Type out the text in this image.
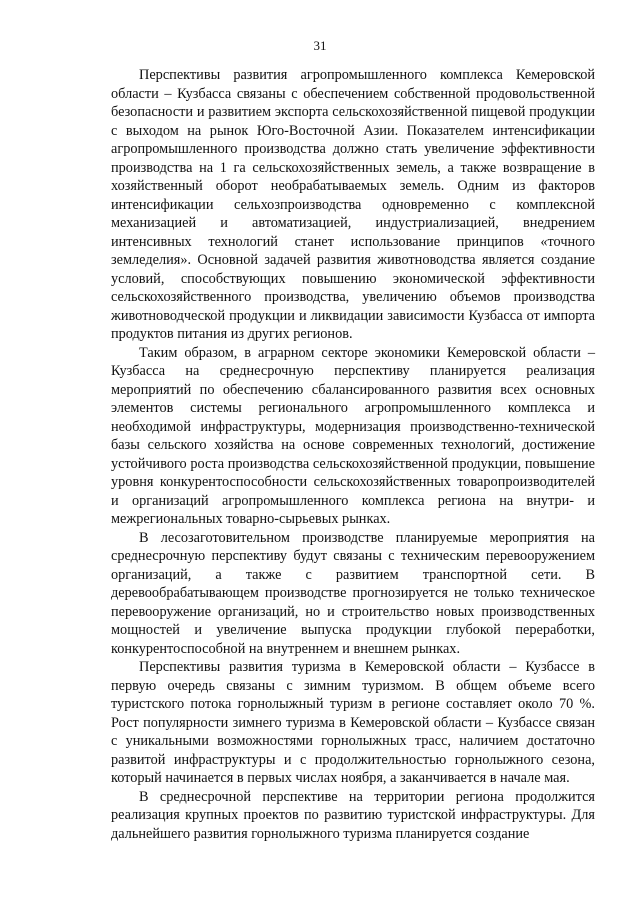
31

Перспективы развития агропромышленного комплекса Кемеровской области – Кузбасса связаны с обеспечением собственной продовольственной безопасности и развитием экспорта сельскохозяйственной пищевой продукции с выходом на рынок Юго-Восточной Азии. Показателем интенсификации агропромышленного производства должно стать увеличение эффективности производства на 1 га сельскохозяйственных земель, а также возвращение в хозяйственный оборот необрабатываемых земель. Одним из факторов интенсификации сельхозпроизводства одновременно с комплексной механизацией и автоматизацией, индустриализацией, внедрением интенсивных технологий станет использование принципов «точного земледелия». Основной задачей развития животноводства является создание условий, способствующих повышению экономической эффективности сельскохозяйственного производства, увеличению объемов производства животноводческой продукции и ликвидации зависимости Кузбасса от импорта продуктов питания из других регионов.

Таким образом, в аграрном секторе экономики Кемеровской области – Кузбасса на среднесрочную перспективу планируется реализация мероприятий по обеспечению сбалансированного развития всех основных элементов системы регионального агропромышленного комплекса и необходимой инфраструктуры, модернизация производственно-технической базы сельского хозяйства на основе современных технологий, достижение устойчивого роста производства сельскохозяйственной продукции, повышение уровня конкурентоспособности сельскохозяйственных товаропроизводителей и организаций агропромышленного комплекса региона на внутри- и межрегиональных товарно-сырьевых рынках.

В лесозаготовительном производстве планируемые мероприятия на среднесрочную перспективу будут связаны с техническим перевооружением организаций, а также с развитием транспортной сети. В деревообрабатывающем производстве прогнозируется не только техническое перевооружение организаций, но и строительство новых производственных мощностей и увеличение выпуска продукции глубокой переработки, конкурентоспособной на внутреннем и внешнем рынках.

Перспективы развития туризма в Кемеровской области – Кузбассе в первую очередь связаны с зимним туризмом. В общем объеме всего туристского потока горнолыжный туризм в регионе составляет около 70 %. Рост популярности зимнего туризма в Кемеровской области – Кузбассе связан с уникальными возможностями горнолыжных трасс, наличием достаточно развитой инфраструктуры и с продолжительностью горнолыжного сезона, который начинается в первых числах ноября, а заканчивается в начале мая.

В среднесрочной перспективе на территории региона продолжится реализация крупных проектов по развитию туристской инфраструктуры. Для дальнейшего развития горнолыжного туризма планируется создание
